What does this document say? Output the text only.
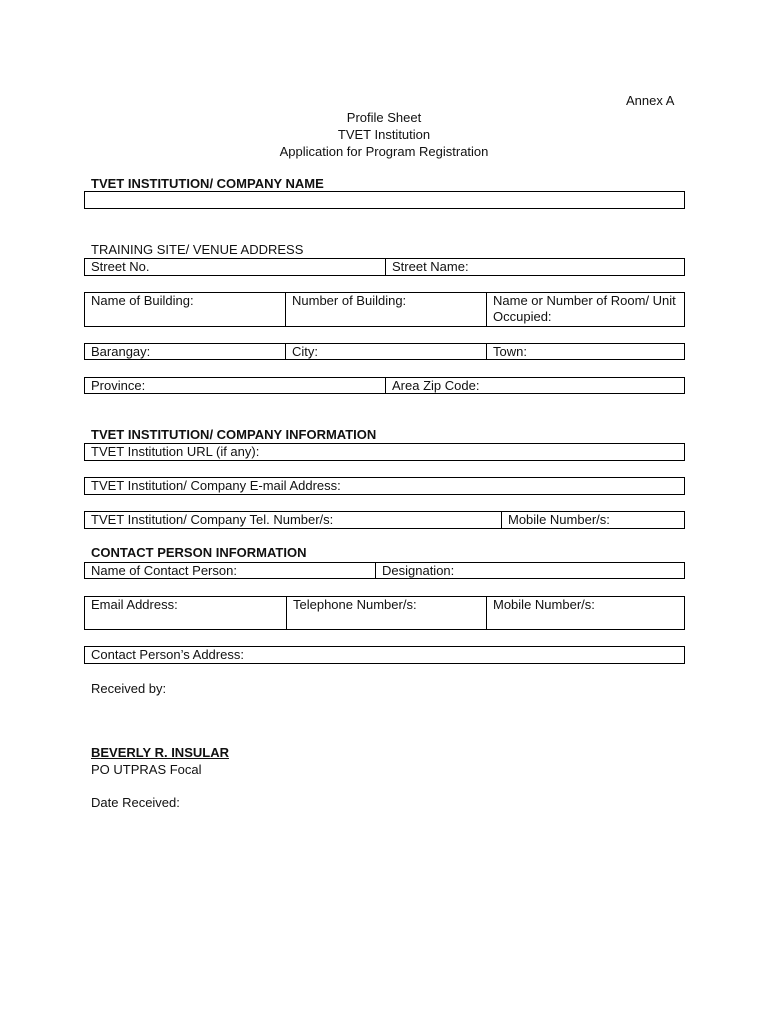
Annex A
Profile Sheet
TVET Institution
Application for Program Registration
TVET INSTITUTION/ COMPANY NAME
TRAINING SITE/ VENUE ADDRESS
Street No.	Street Name:
Name of Building:	Number of Building:	Name or Number of Room/ Unit Occupied:
Barangay:	City:	Town:
Province:	Area Zip Code:
TVET INSTITUTION/ COMPANY INFORMATION
TVET Institution URL (if any):
TVET Institution/ Company E-mail Address:
TVET Institution/ Company Tel. Number/s:	Mobile Number/s:
CONTACT PERSON INFORMATION
Name of Contact Person:	Designation:
Email Address:	Telephone Number/s:	Mobile Number/s:
Contact Person’s Address:
Received by:
BEVERLY R. INSULAR
PO UTPRAS Focal
Date Received:
